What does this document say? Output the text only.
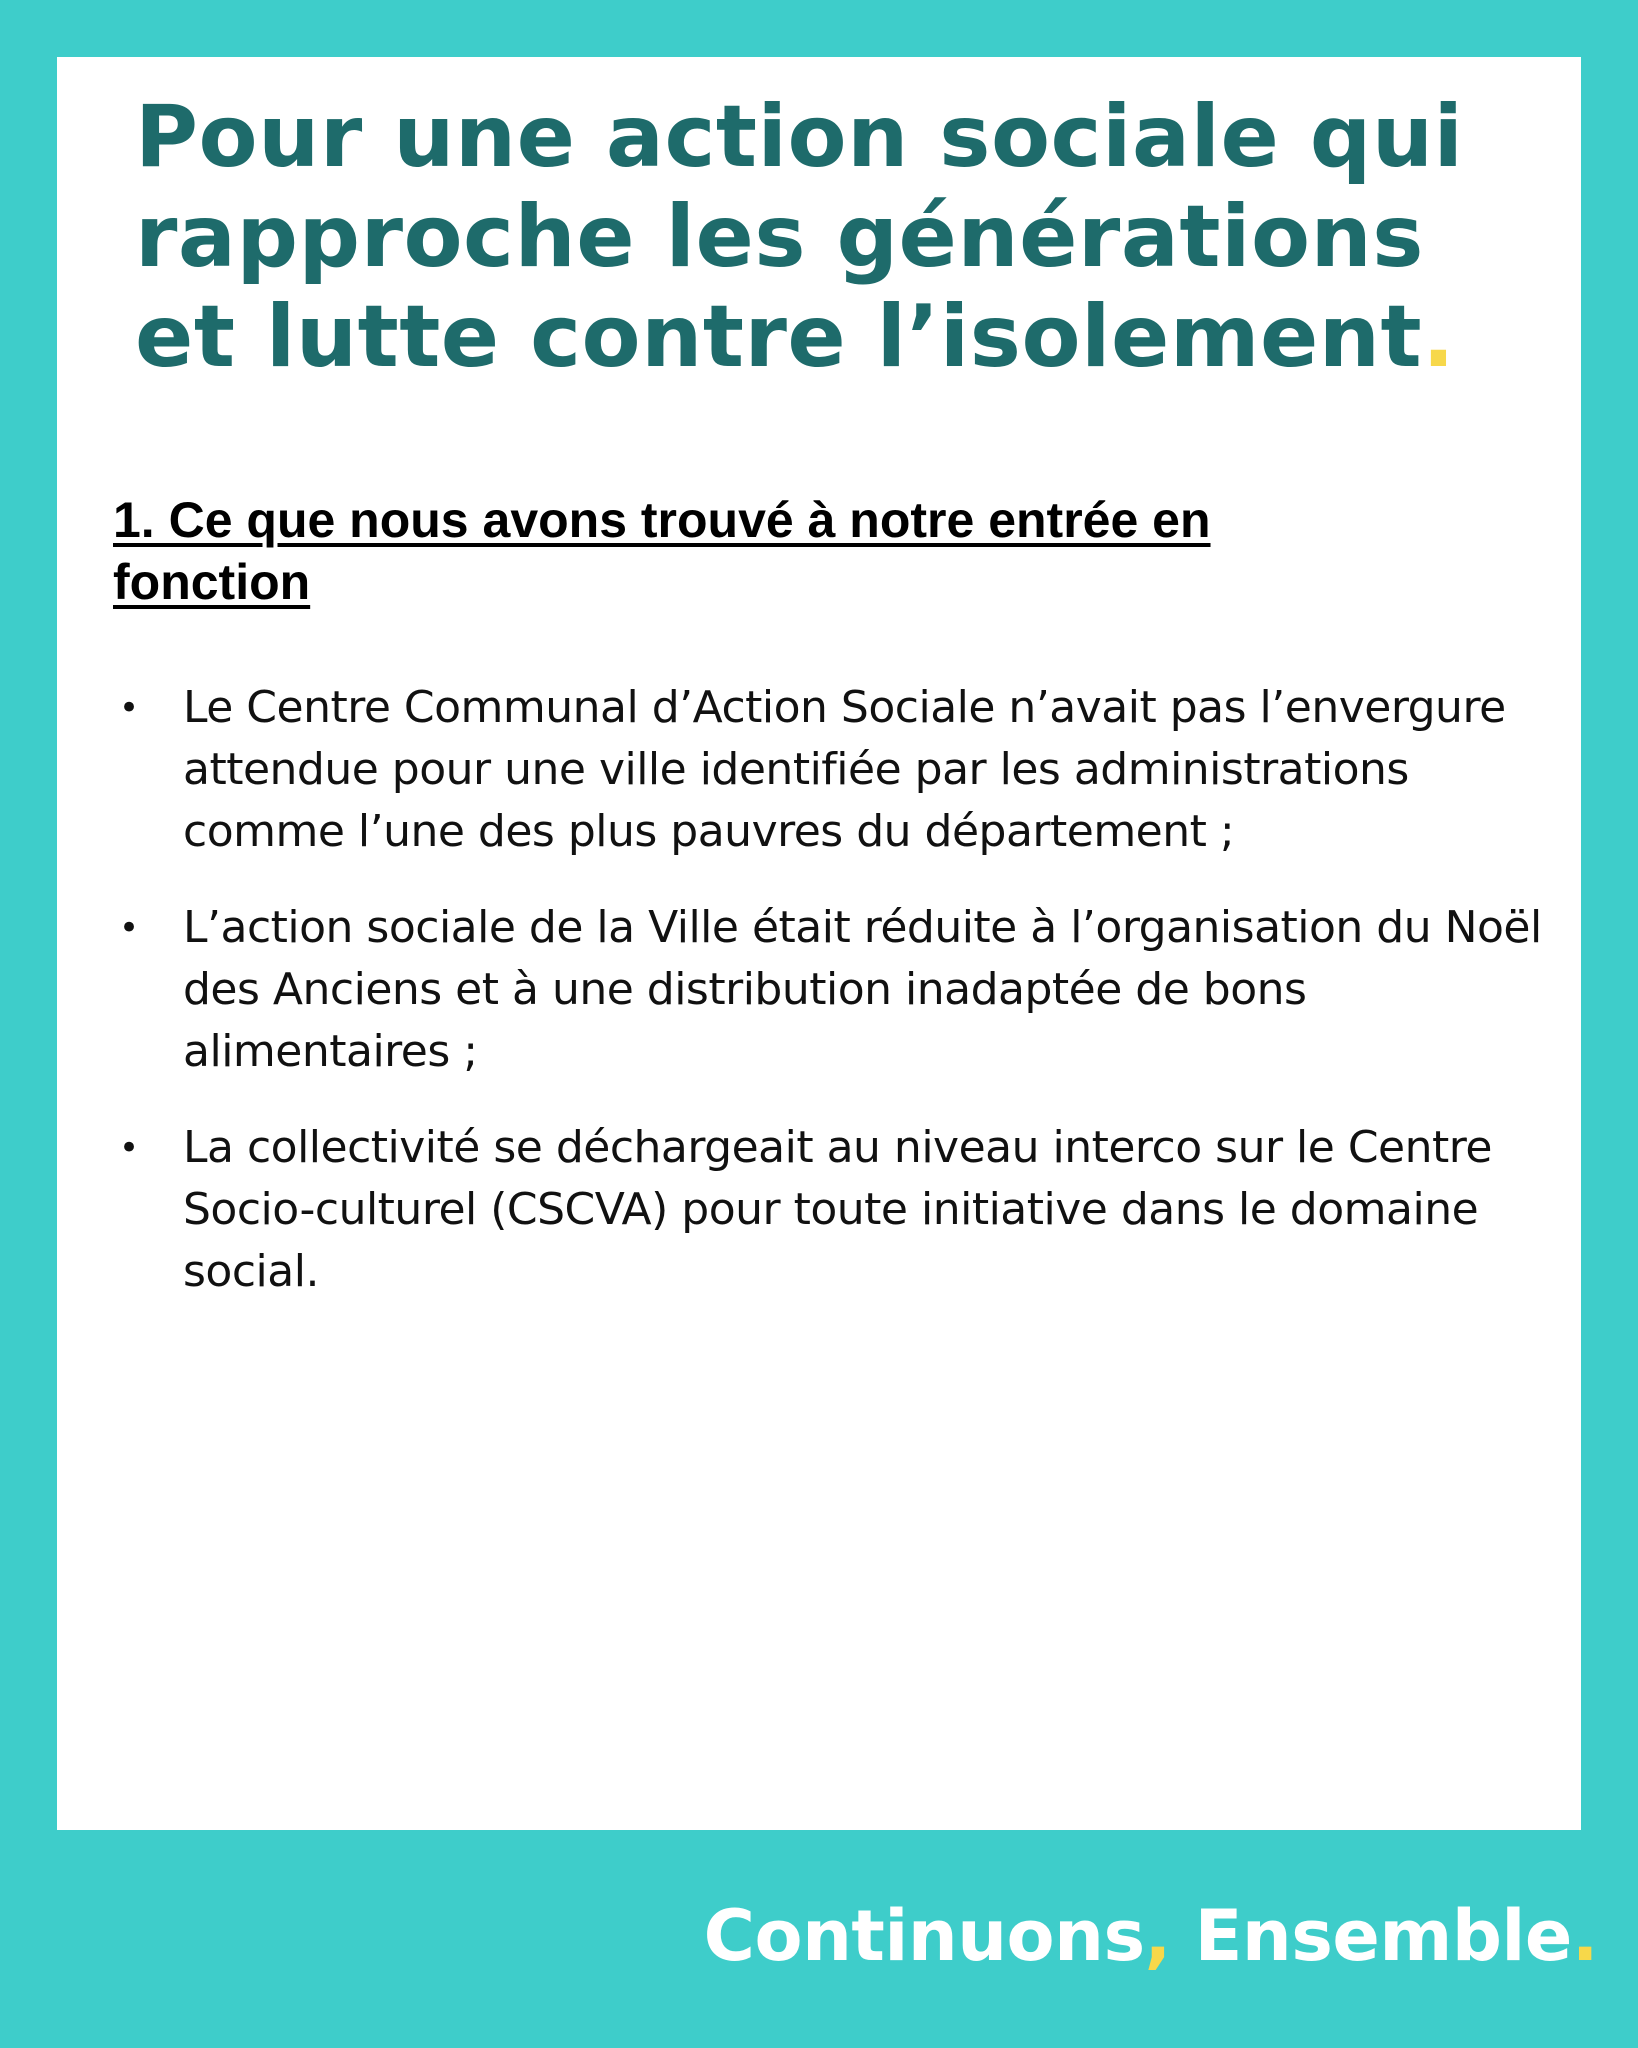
Pour une action sociale qui rapproche les générations et lutte contre l’isolement.
1. Ce que nous avons trouvé à notre entrée en fonction
• Le Centre Communal d’Action Sociale n’avait pas l’envergure attendue pour une ville identifiée par les administrations comme l’une des plus pauvres du département ;
• L’action sociale de la Ville était réduite à l’organisation du Noël des Anciens et à une distribution inadaptée de bons alimentaires ;
• La collectivité se déchargeait au niveau interco sur le Centre Socio-culturel (CSCVA) pour toute initiative dans le domaine social.
Continuons, Ensemble.
